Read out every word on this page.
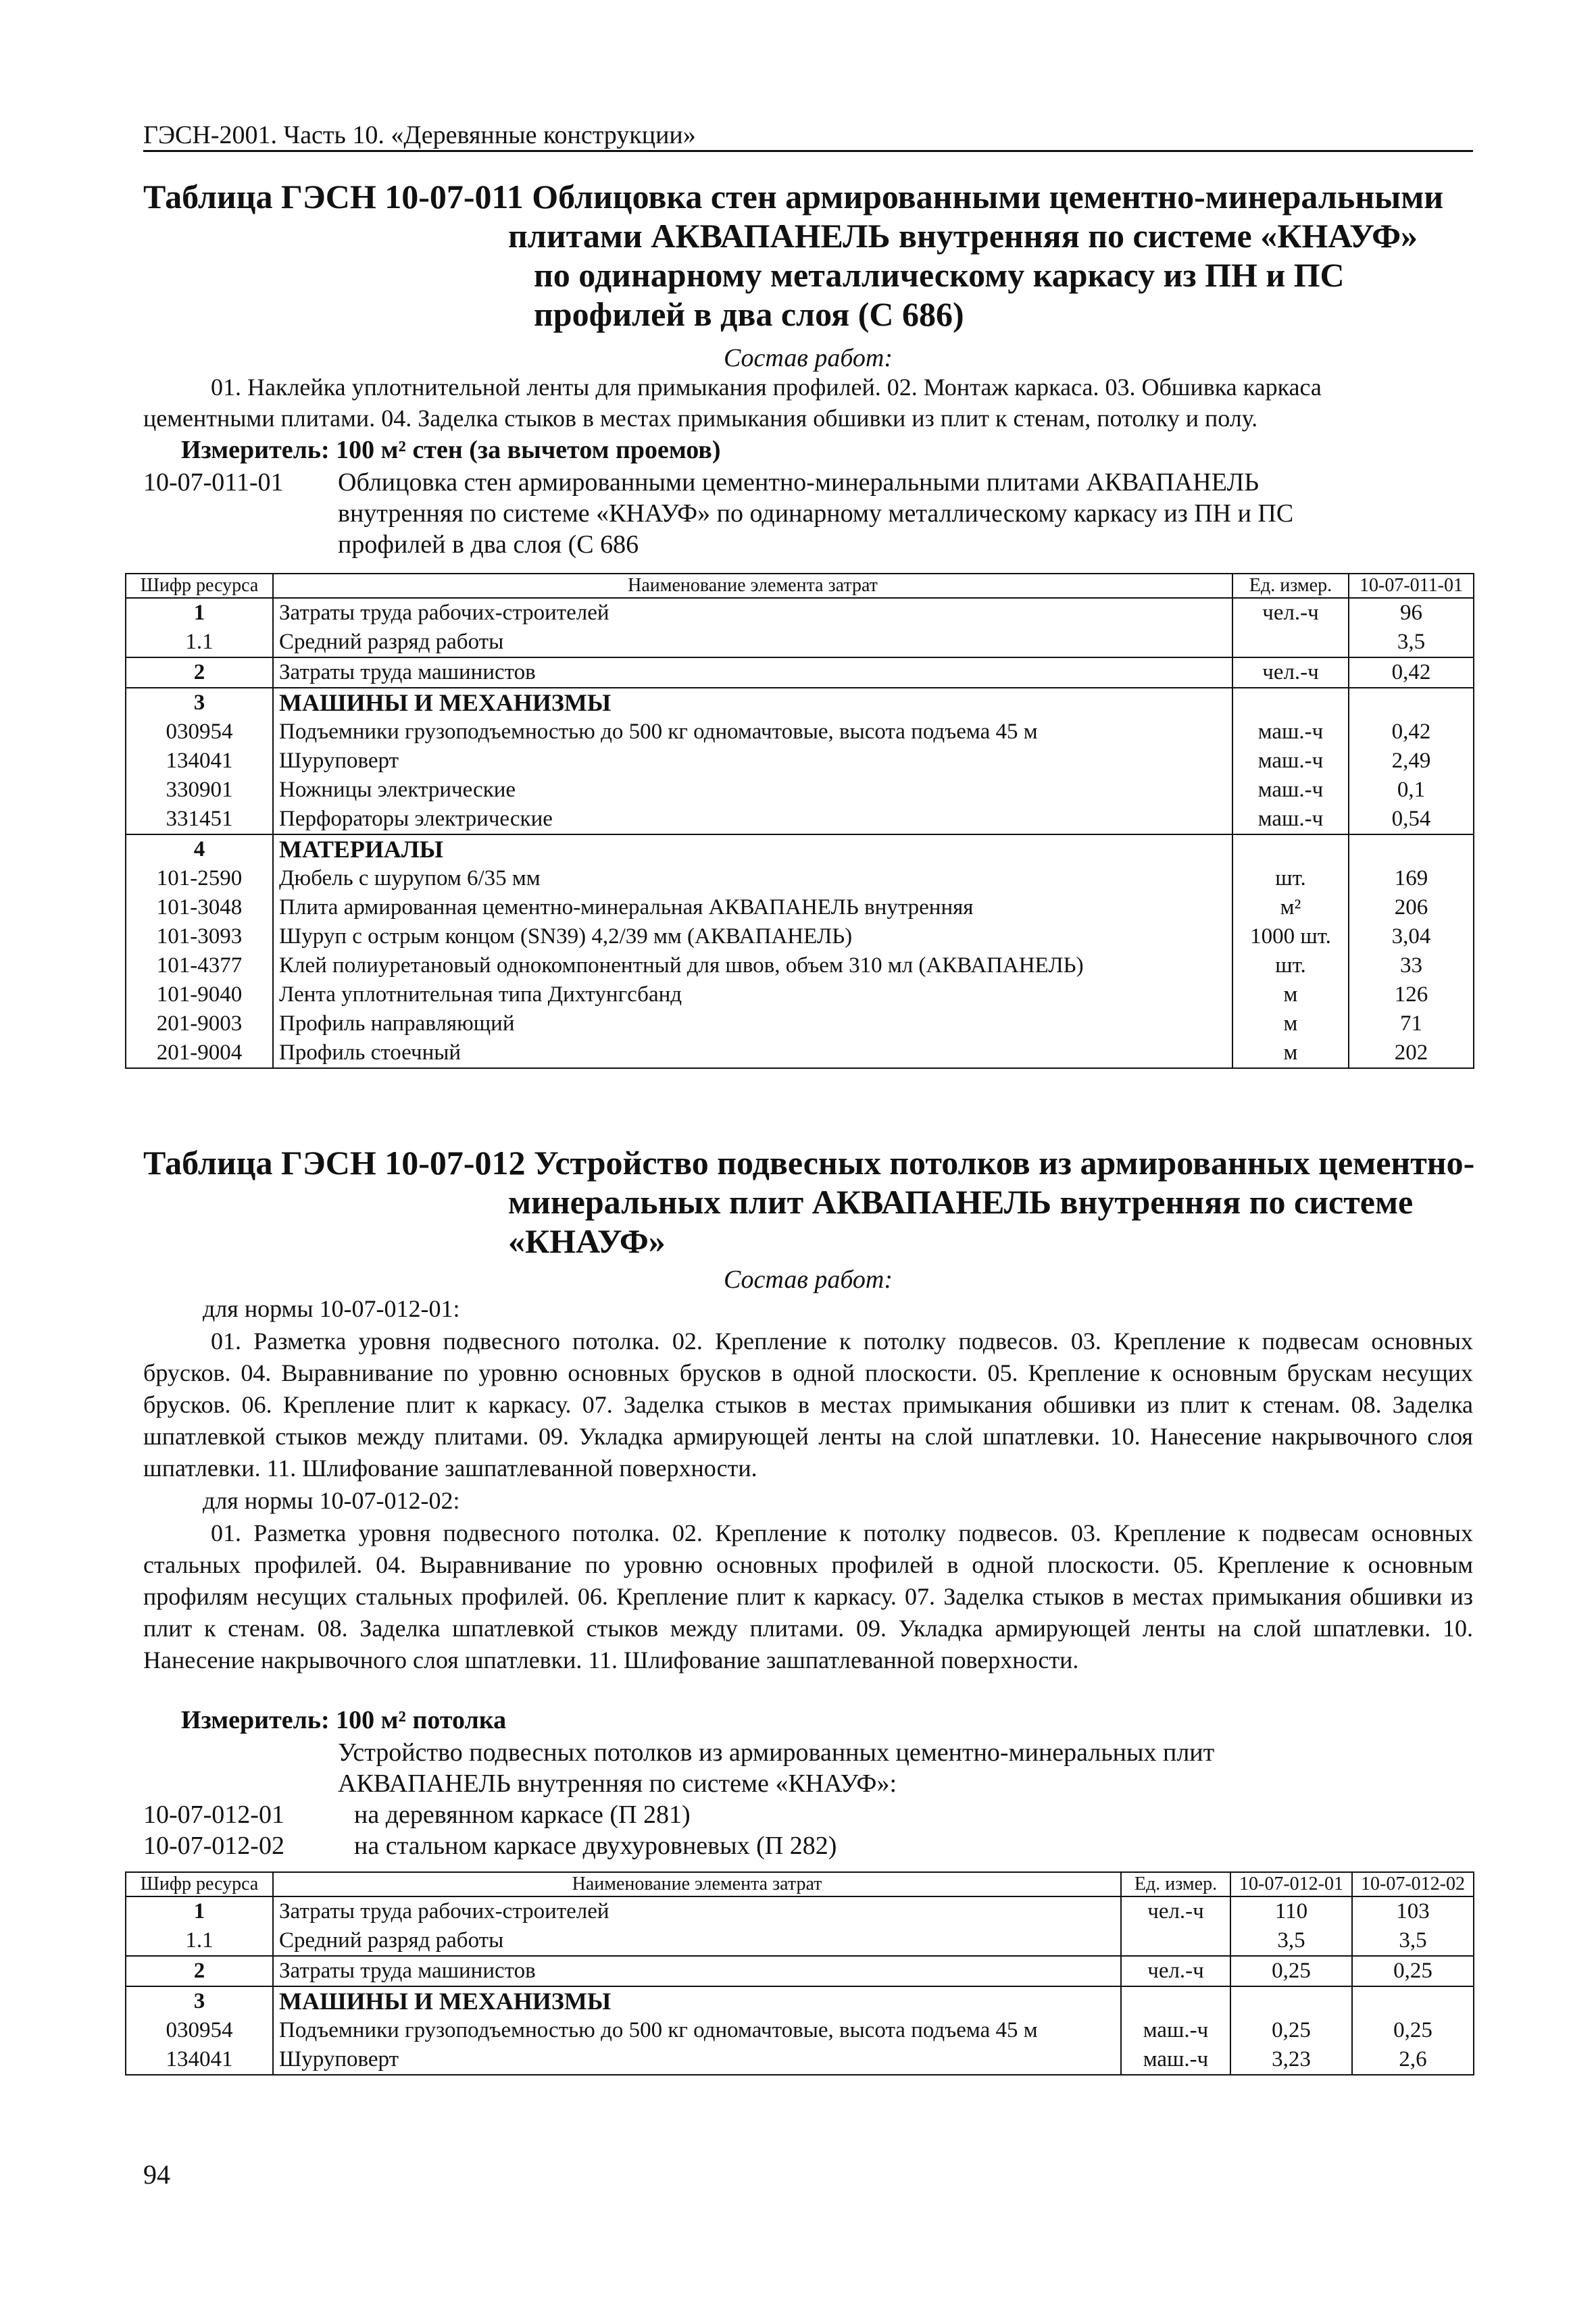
ГЭСН-2001. Часть 10. «Деревянные конструкции»
Таблица ГЭСН 10-07-011 Облицовка стен армированными цементно-минеральными
плитами АКВАПАНЕЛЬ внутренняя по системе «КНАУФ»
по одинарному металлическому каркасу из ПН и ПС
профилей в два слоя (С 686)
Состав работ:
01. Наклейка уплотнительной ленты для примыкания профилей. 02. Монтаж каркаса. 03. Обшивка каркаса
цементными плитами. 04. Заделка стыков в местах примыкания обшивки из плит к стенам, потолку и полу.
Измеритель: 100 м² стен (за вычетом проемов)
10-07-011-01 Облицовка стен армированными цементно-минеральными плитами АКВАПАНЕЛЬ
внутренняя по системе «КНАУФ» по одинарному металлическому каркасу из ПН и ПС
профилей в два слоя (С 686
Шифр ресурса	Наименование элемента затрат	Ед. измер.	10-07-011-01
1	Затраты труда рабочих-строителей	чел.-ч	96
1.1	Средний разряд работы		3,5
2	Затраты труда машинистов	чел.-ч	0,42
3	МАШИНЫ И МЕХАНИЗМЫ		
030954	Подъемники грузоподъемностью до 500 кг одномачтовые, высота подъема 45 м	маш.-ч	0,42
134041	Шуруповерт	маш.-ч	2,49
330901	Ножницы электрические	маш.-ч	0,1
331451	Перфораторы электрические	маш.-ч	0,54
4	МАТЕРИАЛЫ		
101-2590	Дюбель с шурупом 6/35 мм	шт.	169
101-3048	Плита армированная цементно-минеральная АКВАПАНЕЛЬ внутренняя	м²	206
101-3093	Шуруп с острым концом (SN39) 4,2/39 мм (АКВАПАНЕЛЬ)	1000 шт.	3,04
101-4377	Клей полиуретановый однокомпонентный для швов, объем 310 мл (АКВАПАНЕЛЬ)	шт.	33
101-9040	Лента уплотнительная типа Дихтунгсбанд	м	126
201-9003	Профиль направляющий	м	71
201-9004	Профиль стоечный	м	202
Таблица ГЭСН 10-07-012 Устройство подвесных потолков из армированных цементно-
минеральных плит АКВАПАНЕЛЬ внутренняя по системе
«КНАУФ»
Состав работ:
для нормы 10-07-012-01:

01. Разметка уровня подвесного потолка. 02. Крепление к потолку подвесов. 03. Крепление к подвесам основных брусков. 04. Выравнивание по уровню основных брусков в одной плоскости. 05. Крепление к основным брускам несущих брусков. 06. Крепление плит к каркасу. 07. Заделка стыков в местах примыкания обшивки из плит к стенам. 08. Заделка шпатлевкой стыков между плитами. 09. Укладка армирующей ленты на слой шпатлевки. 10. Нанесение накрывочного слоя шпатлевки. 11. Шлифование зашпатлеванной поверхности.

для нормы 10-07-012-02:

01. Разметка уровня подвесного потолка. 02. Крепление к потолку подвесов. 03. Крепление к подвесам основных стальных профилей. 04. Выравнивание по уровню основных профилей в одной плоскости. 05. Крепление к основным профилям несущих стальных профилей. 06. Крепление плит к каркасу. 07. Заделка стыков в местах примыкания обшивки из плит к стенам. 08. Заделка шпатлевкой стыков между плитами. 09. Укладка армирующей ленты на слой шпатлевки. 10. Нанесение накрывочного слоя шпатлевки. 11. Шлифование зашпатлеванной поверхности.

Измеритель: 100 м² потолка
Устройство подвесных потолков из армированных цементно-минеральных плит
АКВАПАНЕЛЬ внутренняя по системе «КНАУФ»:
10-07-012-01	на деревянном каркасе (П 281)
10-07-012-02	на стальном каркасе двухуровневых (П 282)
Шифр ресурса	Наименование элемента затрат	Ед. измер.	10-07-012-01	10-07-012-02
1	Затраты труда рабочих-строителей	чел.-ч	110	103
1.1	Средний разряд работы		3,5	3,5
2	Затраты труда машинистов	чел.-ч	0,25	0,25
3	МАШИНЫ И МЕХАНИЗМЫ			
030954	Подъемники грузоподъемностью до 500 кг одномачтовые, высота подъема 45 м	маш.-ч	0,25	0,25
134041	Шуруповерт	маш.-ч	3,23	2,6
94
